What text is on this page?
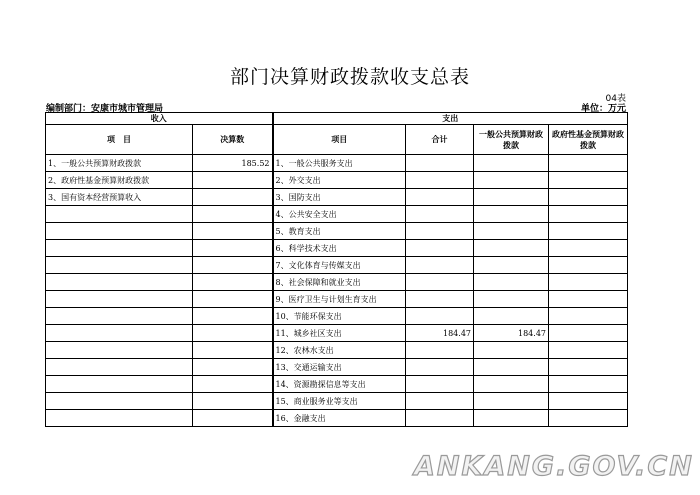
部门决算财政拨款收支总表
04表
编制部门：安康市城市管理局	单位：万元
收入		支出			
项　目	决算数	项目	合计	一般公共预算财政拨款	政府性基金预算财政拨款
1、一般公共预算财政拨款	185.52	1、一般公共服务支出			
2、政府性基金预算财政拨款		2、外交支出			
3、国有资本经营预算收入		3、国防支出			
		4、公共安全支出			
		5、教育支出			
		6、科学技术支出			
		7、文化体育与传媒支出			
		8、社会保障和就业支出			
		9、医疗卫生与计划生育支出			
		10、节能环保支出			
		11、城乡社区支出	184.47	184.47	
		12、农林水支出			
		13、交通运输支出			
		14、资源勘探信息等支出			
		15、商业服务业等支出			
		16、金融支出			
ANKANG.GOV.CN
